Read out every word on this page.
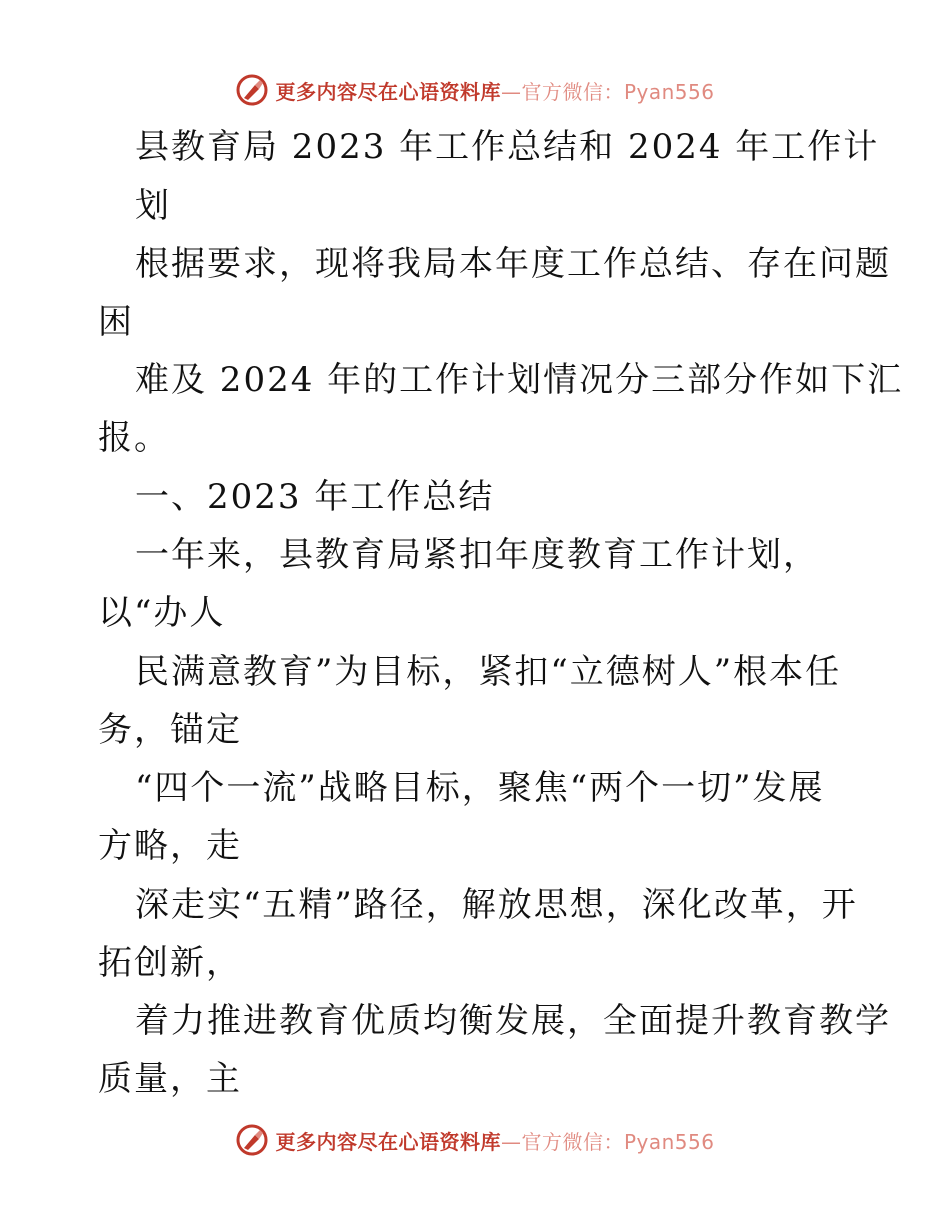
更多内容尽在心语资料库 —官方微信：Pyan556
县教育局 2023 年工作总结和 2024 年工作计
划
根据要求，现将我局本年度工作总结、存在问题
困
难及 2024 年的工作计划情况分三部分作如下汇
报。
一、2023 年工作总结
一年来，县教育局紧扣年度教育工作计划，
以“办人
民满意教育”为目标，紧扣“立德树人”根本任
务，锚定
“四个一流”战略目标，聚焦“两个一切”发展
方略，走
深走实“五精”路径，解放思想，深化改革，开
拓创新，
着力推进教育优质均衡发展，全面提升教育教学
质量，主
更多内容尽在心语资料库 —官方微信：Pyan556
